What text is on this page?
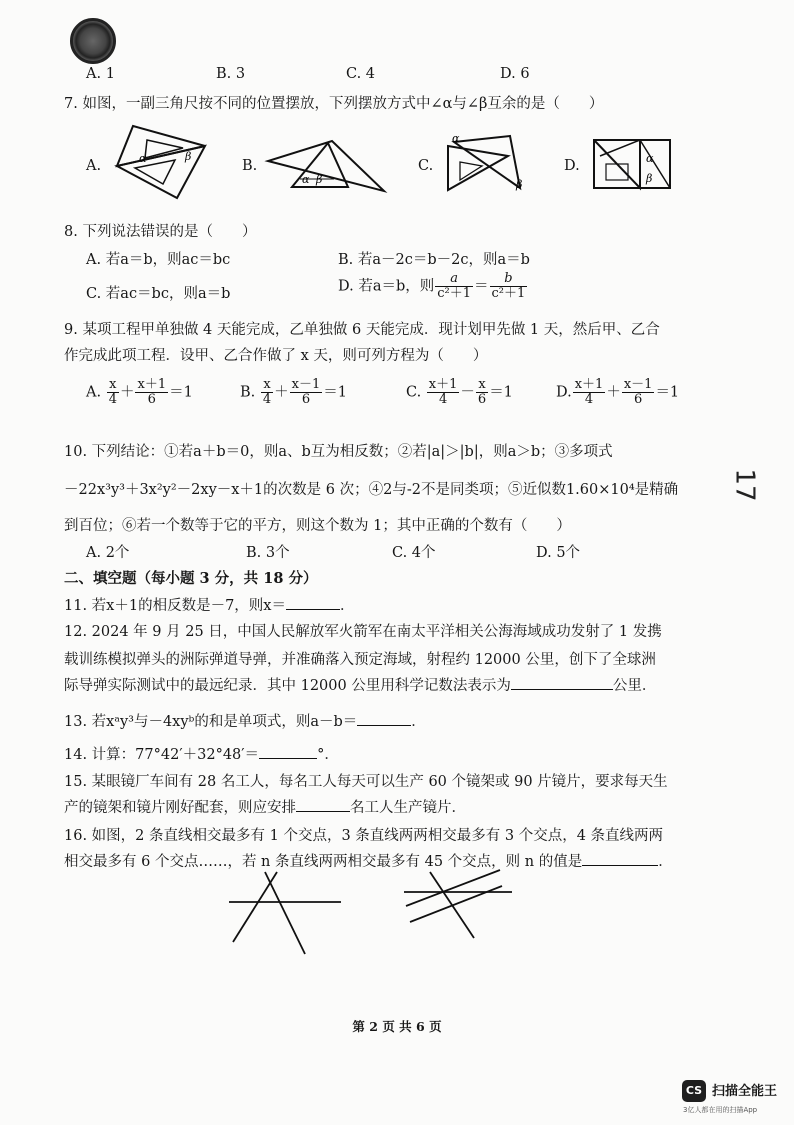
A. 1	B. 3	C. 4	D. 6
7. 如图，一副三角尺按不同的位置摆放，下列摆放方式中∠α与∠β互余的是（　　）
A.	B.	C.	D.
α	β
α β
α
β
α
β
8. 下列说法错误的是（　　）
A. 若a＝b，则ac＝bc	B. 若a－2c＝b－2c，则a＝b
C. 若ac＝bc，则a＝b	D. 若a＝b，则 $\frac{a}{\text{c²＋1}} = \frac{b}{\text{c²＋1}}$
9. 某项工程甲单独做 4 天能完成，乙单独做 6 天能完成．现计划甲先做 1 天，然后甲、乙合
作完成此项工程．设甲、乙合作做了 x 天，则可列方程为（　　）
A. $\frac{x}{4} + \frac{x+1}{6} =1$	B. $\frac{x}{4} + \frac{x-1}{6} =1$	C. $\frac{x+1}{4} - \frac{x}{6} =1$	D. $\frac{x+1}{4} + \frac{x-1}{6} =1$
10. 下列结论：①若a＋b＝0，则a、b互为相反数；②若|a|＞|b|，则a＞b；③多项式
－22x³y³＋3x²y²－2xy－x＋1的次数是 6 次；④2与-2不是同类项；⑤近似数1.60×10⁴是精确
到百位；⑥若一个数等于它的平方，则这个数为 1；其中正确的个数有（　　）
A. 2个	B. 3个	C. 4个	D. 5个
17
二、填空题（每小题 3 分，共 18 分）
11. 若x＋1的相反数是－7，则x＝	．
12. 2024 年 9 月 25 日，中国人民解放军火箭军在南太平洋相关公海海域成功发射了 1 发携
载训练模拟弹头的洲际弹道导弹，并准确落入预定海域，射程约 12000 公里，创下了全球洲
际导弹实际测试中的最远纪录．其中 12000 公里用科学记数法表示为	公里．
13. 若xᵃy³与－4xyᵇ的和是单项式，则a－b＝	．
14. 计算：77°42′＋32°48′＝	°．
15. 某眼镜厂车间有 28 名工人，每名工人每天可以生产 60 个镜架或 90 片镜片，要求每天生
产的镜架和镜片刚好配套，则应安排	名工人生产镜片．
16. 如图，2 条直线相交最多有 1 个交点，3 条直线两两相交最多有 3 个交点，4 条直线两两
相交最多有 6 个交点……，若 n 条直线两两相交最多有 45 个交点，则 n 的值是	．
第 2 页 共 6 页
CS 扫描全能王
3亿人都在用的扫描App
